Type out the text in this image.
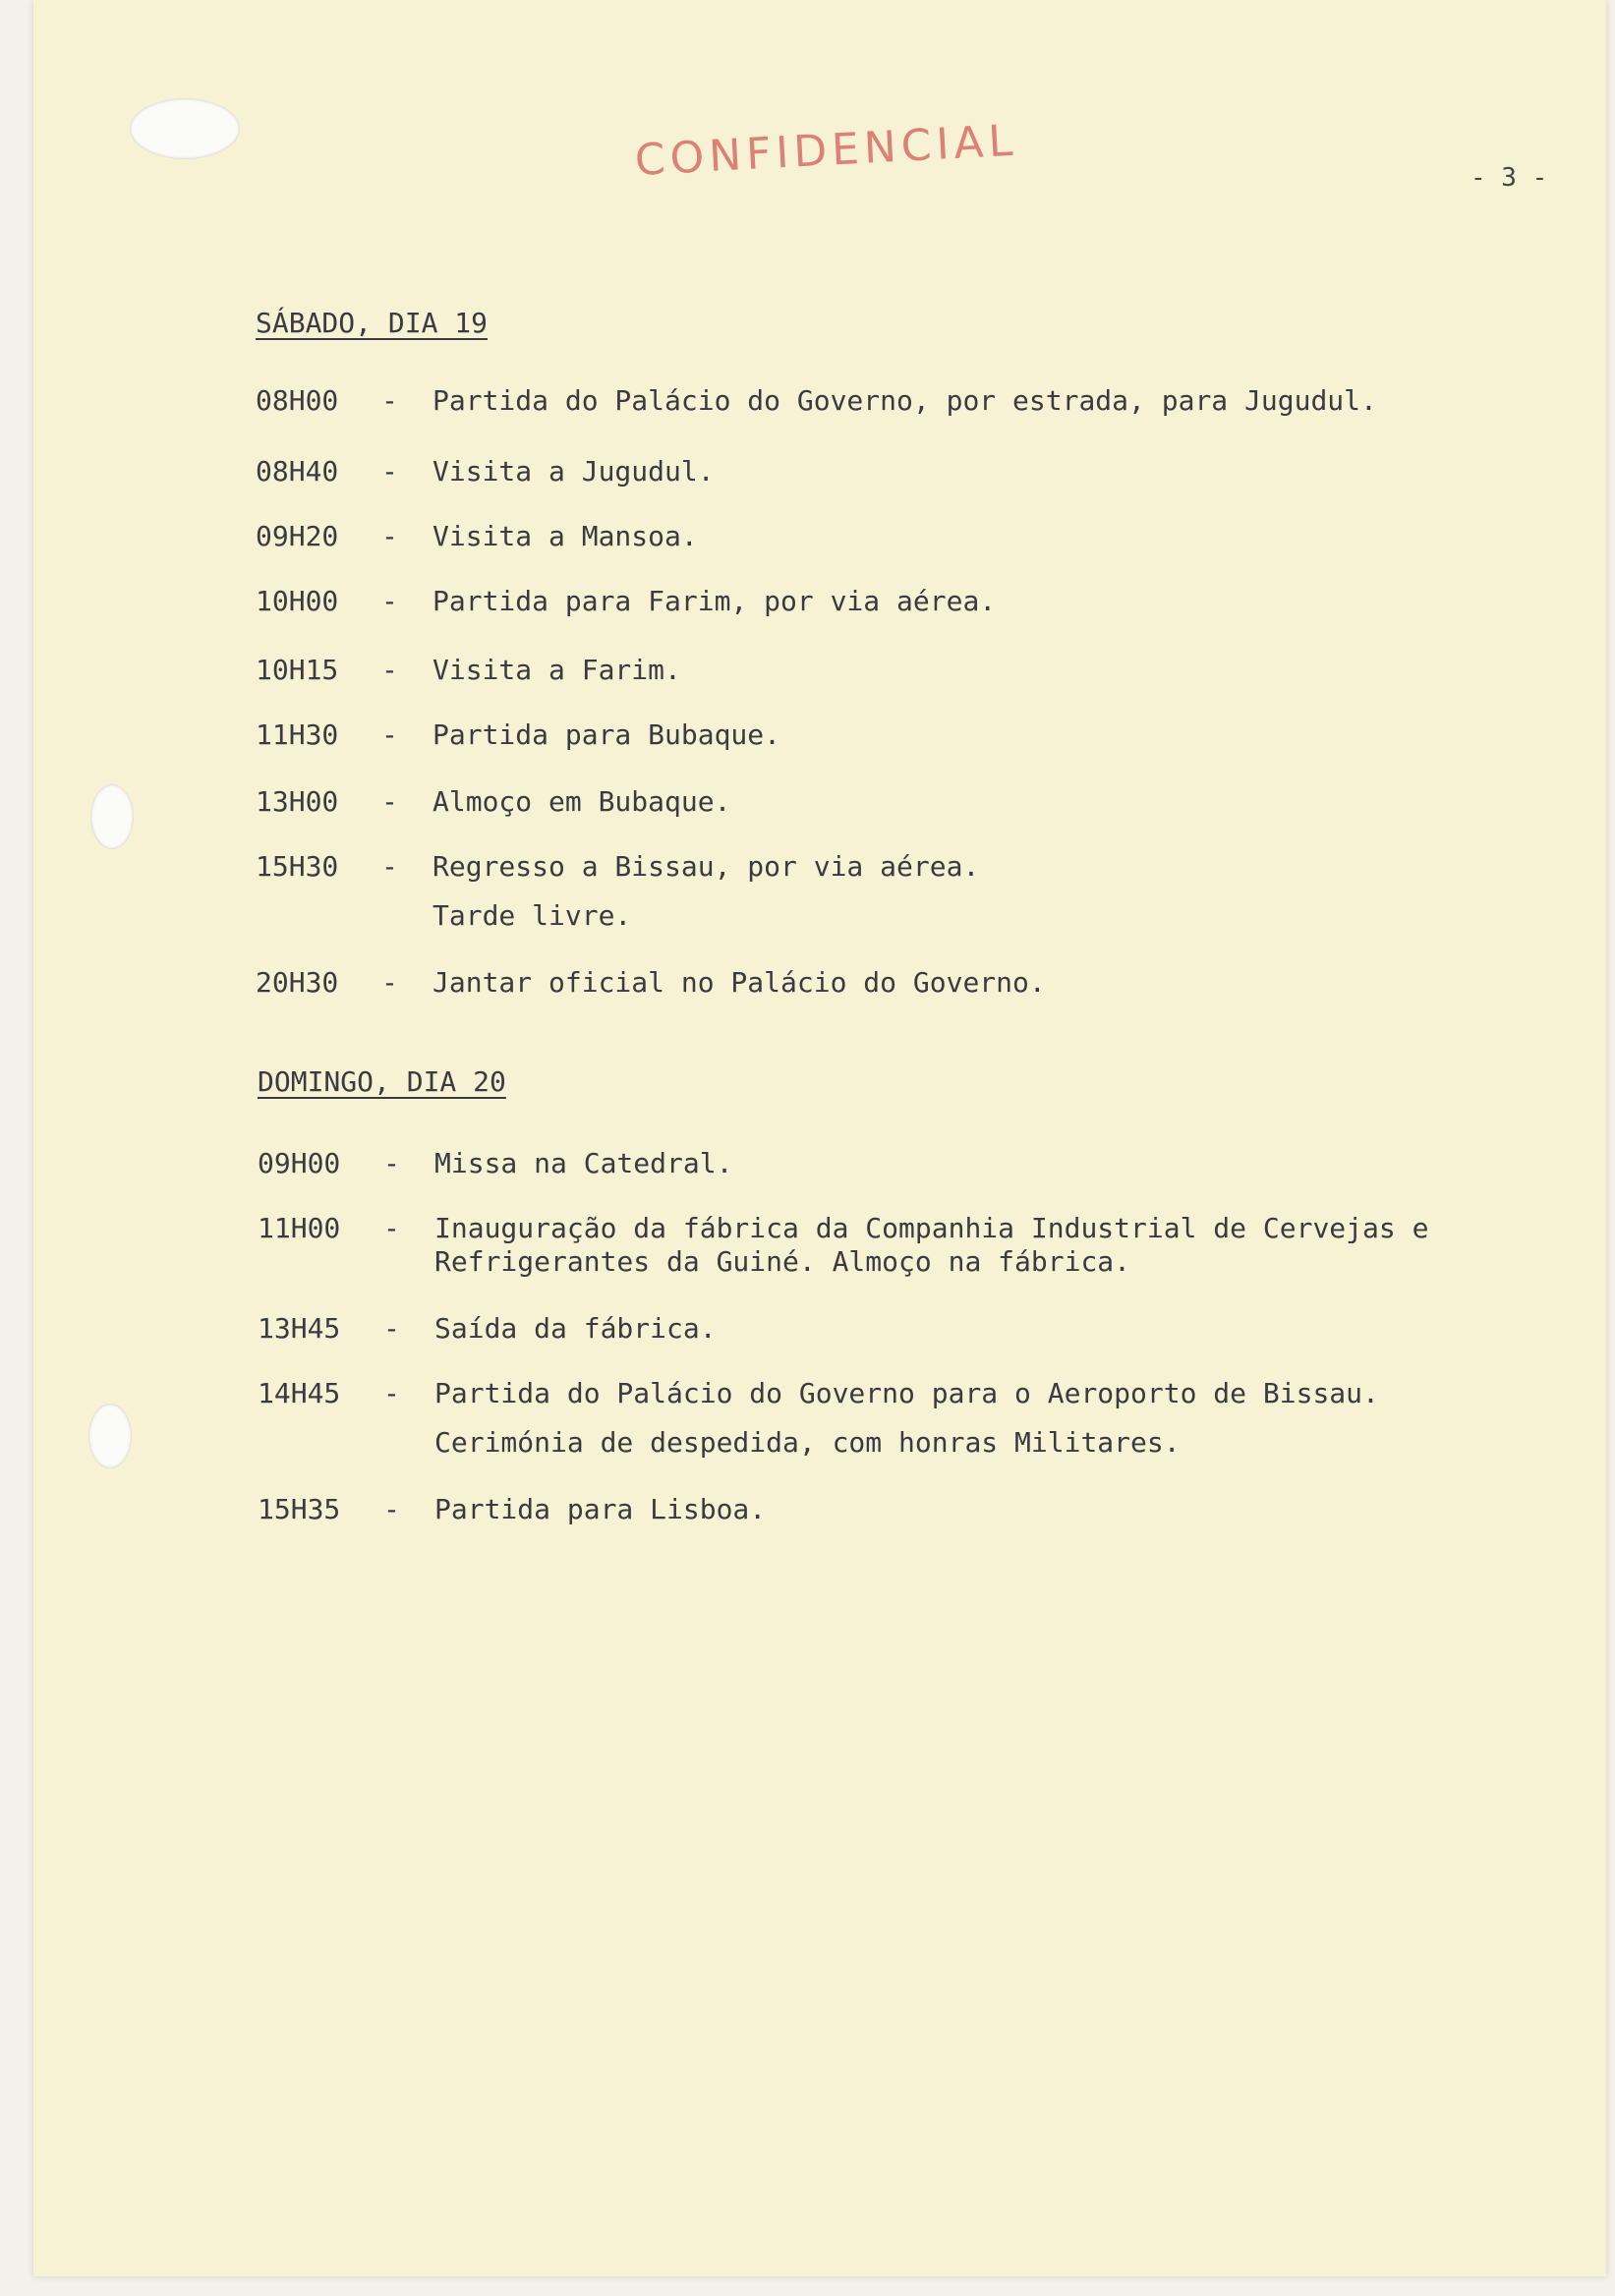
CONFIDENCIAL	- 3 -
SÁBADO, DIA 19

08H00

-

Partida do Palácio do Governo, por estrada, para Jugudul.

08H40

-

Visita a Jugudul.

09H20

-

Visita a Mansoa.

10H00

-

Partida para Farim, por via aérea.

10H15

-

Visita a Farim.

11H30

-

Partida para Bubaque.

13H00

-

Almoço em Bubaque.

15H30

-

Regresso a Bissau, por via aérea.

Tarde livre.

20H30

-

Jantar oficial no Palácio do Governo.

DOMINGO, DIA 20

09H00

-

Missa na Catedral.

11H00

-

Inauguração da fábrica da Companhia Industrial de Cervejas e

Refrigerantes da Guiné. Almoço na fábrica.

13H45

-

Saída da fábrica.

14H45

-

Partida do Palácio do Governo para o Aeroporto de Bissau.

Cerimónia de despedida, com honras Militares.

15H35

-

Partida para Lisboa.
